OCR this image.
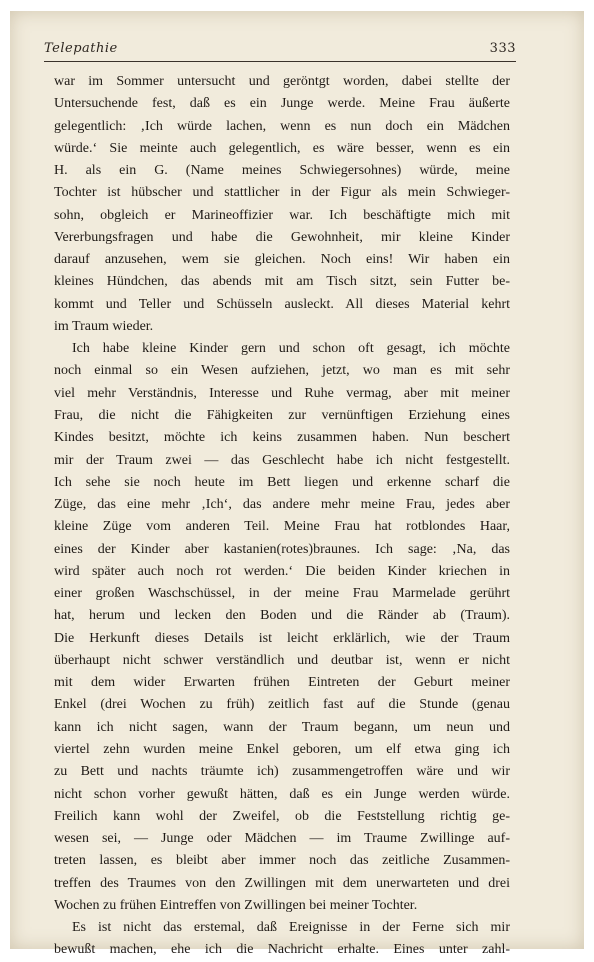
Telepathie	333
war im Sommer untersucht und geröntgt worden, dabei stellte der
Untersuchende fest, daß es ein Junge werde. Meine Frau äußerte
gelegentlich: ‚Ich würde lachen, wenn es nun doch ein Mädchen
würde.‘ Sie meinte auch gelegentlich, es wäre besser, wenn es ein
H. als ein G. (Name meines Schwiegersohnes) würde, meine
Tochter ist hübscher und stattlicher in der Figur als mein Schwieger-
sohn, obgleich er Marineoffizier war. Ich beschäftigte mich mit
Vererbungsfragen und habe die Gewohnheit, mir kleine Kinder
darauf anzusehen, wem sie gleichen. Noch eins! Wir haben ein
kleines Hündchen, das abends mit am Tisch sitzt, sein Futter be-
kommt und Teller und Schüsseln ausleckt. All dieses Material kehrt
im Traum wieder.
Ich habe kleine Kinder gern und schon oft gesagt, ich möchte
noch einmal so ein Wesen aufziehen, jetzt, wo man es mit sehr
viel mehr Verständnis, Interesse und Ruhe vermag, aber mit meiner
Frau, die nicht die Fähigkeiten zur vernünftigen Erziehung eines
Kindes besitzt, möchte ich keins zusammen haben. Nun beschert
mir der Traum zwei — das Geschlecht habe ich nicht festgestellt.
Ich sehe sie noch heute im Bett liegen und erkenne scharf die
Züge, das eine mehr ‚Ich‘, das andere mehr meine Frau, jedes aber
kleine Züge vom anderen Teil. Meine Frau hat rotblondes Haar,
eines der Kinder aber kastanien(rotes)braunes. Ich sage: ‚Na, das
wird später auch noch rot werden.‘ Die beiden Kinder kriechen in
einer großen Waschschüssel, in der meine Frau Marmelade gerührt
hat, herum und lecken den Boden und die Ränder ab (Traum).
Die Herkunft dieses Details ist leicht erklärlich, wie der Traum
überhaupt nicht schwer verständlich und deutbar ist, wenn er nicht
mit dem wider Erwarten frühen Eintreten der Geburt meiner
Enkel (drei Wochen zu früh) zeitlich fast auf die Stunde (genau
kann ich nicht sagen, wann der Traum begann, um neun und
viertel zehn wurden meine Enkel geboren, um elf etwa ging ich
zu Bett und nachts träumte ich) zusammengetroffen wäre und wir
nicht schon vorher gewußt hätten, daß es ein Junge werden würde.
Freilich kann wohl der Zweifel, ob die Feststellung richtig ge-
wesen sei, — Junge oder Mädchen — im Traume Zwillinge auf-
treten lassen, es bleibt aber immer noch das zeitliche Zusammen-
treffen des Traumes von den Zwillingen mit dem unerwarteten und drei
Wochen zu frühen Eintreffen von Zwillingen bei meiner Tochter.
Es ist nicht das erstemal, daß Ereignisse in der Ferne sich mir
bewußt machen, ehe ich die Nachricht erhalte. Eines unter zahl-
